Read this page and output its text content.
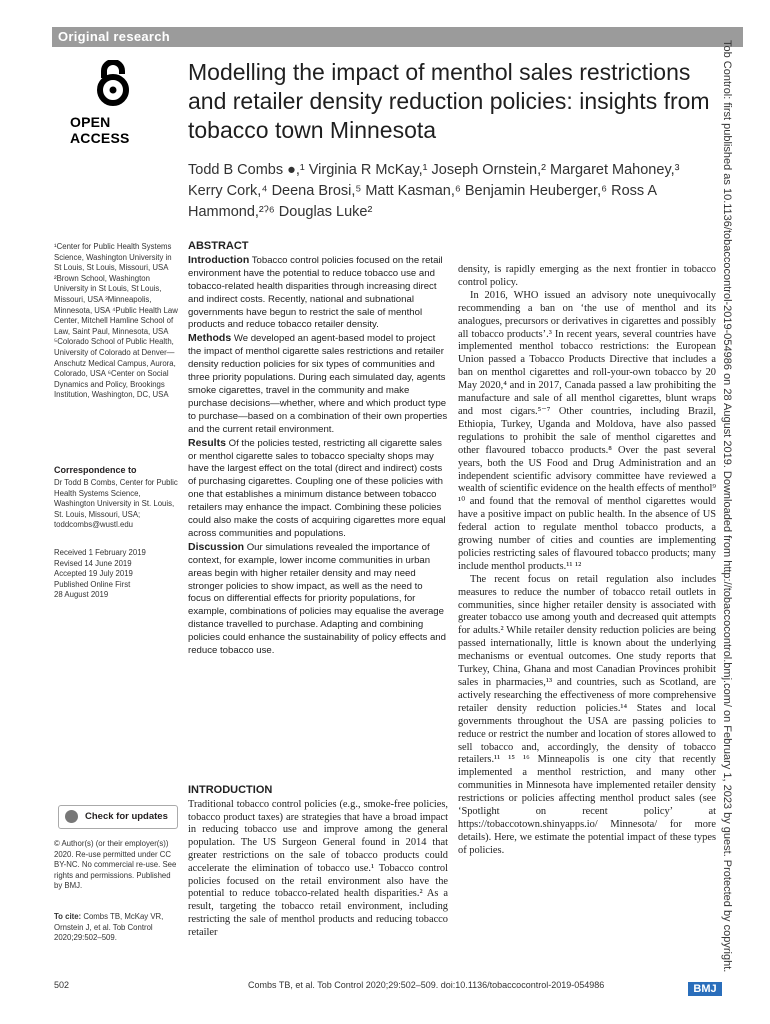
Original research
OPEN ACCESS
Modelling the impact of menthol sales restrictions and retailer density reduction policies: insights from tobacco town Minnesota
Todd B Combs ●,¹ Virginia R McKay,¹ Joseph Ornstein,² Margaret Mahoney,³ Kerry Cork,⁴ Deena Brosi,⁵ Matt Kasman,⁶ Benjamin Heuberger,⁶ Ross A Hammond,²ˀ⁶ Douglas Luke²	Tob Control: first published as 10.1136/tobaccocontrol-2019-054986 on 28 August 2019. Downloaded from http://tobaccocontrol.bmj.com/ on February 1, 2023 by guest. Protected by copyright.
¹Center for Public Health Systems Science, Washington University in St Louis, St Louis, Missouri, USA ²Brown School, Washington University in St Louis, St Louis, Missouri, USA ³Minneapolis, Minnesota, USA ⁴Public Health Law Center, Mitchell Hamline School of Law, Saint Paul, Minnesota, USA ⁵Colorado School of Public Health, University of Colorado at Denver—Anschutz Medical Campus, Aurora, Colorado, USA ⁶Center on Social Dynamics and Policy, Brookings Institution, Washington, DC, USA
Correspondence to
Dr Todd B Combs, Center for Public Health Systems Science, Washington University in St. Louis, St. Louis, Missouri, USA; toddcombs@wustl.edu
Received 1 February 2019
Revised 14 June 2019
Accepted 19 July 2019
Published Online First
28 August 2019
Check for updates
© Author(s) (or their employer(s)) 2020. Re-use permitted under CC BY-NC. No commercial re-use. See rights and permissions. Published by BMJ.
To cite: Combs TB, McKay VR, Ornstein J, et al. Tob Control 2020;29:502–509.
ABSTRACT

Introduction Tobacco control policies focused on the retail environment have the potential to reduce tobacco use and tobacco-related health disparities through increasing direct and indirect costs. Recently, national and subnational governments have begun to restrict the sale of menthol products and reduce tobacco retailer density.

Methods We developed an agent-based model to project the impact of menthol cigarette sales restrictions and retailer density reduction policies for six types of communities and three priority populations. During each simulated day, agents smoke cigarettes, travel in the community and make purchase decisions—whether, where and which product type to purchase—based on a combination of their own properties and the current retail environment.

Results Of the policies tested, restricting all cigarette sales or menthol cigarette sales to tobacco specialty shops may have the largest effect on the total (direct and indirect) costs of purchasing cigarettes. Coupling one of these policies with one that establishes a minimum distance between tobacco retailers may enhance the impact. Combining these policies could also make the costs of acquiring cigarettes more equal across communities and populations.

Discussion Our simulations revealed the importance of context, for example, lower income communities in urban areas begin with higher retailer density and may need stronger policies to show impact, as well as the need to focus on differential effects for priority populations, for example, combinations of policies may equalise the average distance travelled to purchase. Adapting and combining policies could enhance the sustainability of policy effects and reduce tobacco use.

INTRODUCTION

Traditional tobacco control policies (e.g., smoke-free policies, tobacco product taxes) are strategies that have a broad impact in reducing tobacco use and improve among the general population. The US Surgeon General found in 2014 that greater restrictions on the sale of tobacco products could accelerate the elimination of tobacco use.¹ Tobacco control policies focused on the retail environment also have the potential to reduce tobacco-related health disparities.² As a result, targeting the tobacco retail environment, including restricting the sale of menthol products and reducing tobacco retailer

density, is rapidly emerging as the next frontier in tobacco control policy.

In 2016, WHO issued an advisory note unequivocally recommending a ban on ‘the use of menthol and its analogues, precursors or derivatives in cigarettes and possibly all tobacco products’.³ In recent years, several countries have implemented menthol tobacco restrictions: the European Union passed a Tobacco Products Directive that includes a ban on menthol cigarettes and roll-your-own tobacco by 20 May 2020,⁴ and in 2017, Canada passed a law prohibiting the manufacture and sale of all menthol cigarettes, blunt wraps and most cigars.⁵⁻⁷ Other countries, including Brazil, Ethiopia, Turkey, Uganda and Moldova, have also passed regulations to prohibit the sale of menthol cigarettes and other flavoured tobacco products.⁸ Over the past several years, both the US Food and Drug Administration and an independent scientific advisory committee have reviewed a wealth of scientific evidence on the health effects of menthol⁹ ¹⁰ and found that the removal of menthol cigarettes would have a positive impact on public health. In the absence of US federal action to regulate menthol tobacco products, a growing number of cities and counties are implementing policies restricting sales of flavoured tobacco products; many include menthol products.¹¹ ¹²

The recent focus on retail regulation also includes measures to reduce the number of tobacco retail outlets in communities, since higher retailer density is associated with greater tobacco use among youth and decreased quit attempts for adults.² While retailer density reduction policies are being passed internationally, little is known about the underlying mechanisms or eventual outcomes. One study reports that Turkey, China, Ghana and most Canadian Provinces prohibit sales in pharmacies,¹³ and countries, such as Scotland, are actively researching the effectiveness of more comprehensive retailer density reduction policies.¹⁴ States and local governments throughout the USA are passing policies to reduce or restrict the number and location of stores allowed to sell tobacco and, accordingly, the density of tobacco retailers.¹¹ ¹⁵ ¹⁶ Minneapolis is one city that recently implemented a menthol restriction, and many other communities in Minnesota have implemented retailer density restrictions or policies affecting menthol product sales (see ‘Spotlight on recent policy’ at https://tobaccotown.shinyapps.io/ Minnesota/ for more details). Here, we estimate the potential impact of these types of policies.

502	Combs TB, et al. Tob Control 2020;29:502–509. doi:10.1136/tobaccocontrol-2019-054986	BMJ
